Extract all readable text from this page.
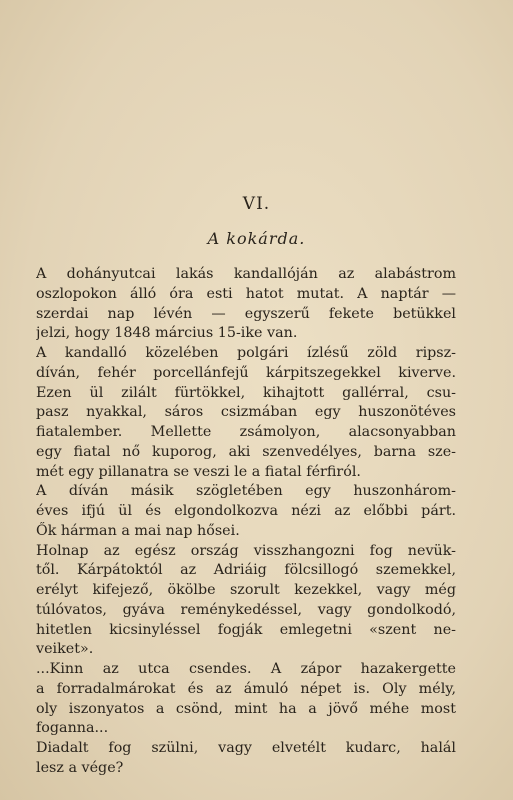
VI.
A kokárda.
A dohányutcai lakás kandallóján az alabástrom
oszlopokon álló óra esti hatot mutat. A naptár —
szerdai nap lévén — egyszerű fekete betükkel
jelzi, hogy 1848 március 15-ike van.
A kandalló közelében polgári ízlésű zöld ripsz-
díván, fehér porcellánfejű kárpitszegekkel kiverve.
Ezen ül zilált fürtökkel, kihajtott gallérral, csu-
pasz nyakkal, sáros csizmában egy huszonötéves
fiatalember. Mellette zsámolyon, alacsonyabban
egy fiatal nő kuporog, aki szenvedélyes, barna sze-
mét egy pillanatra se veszi le a fiatal férfiról.
A díván másik szögletében egy huszonhárom-
éves ifjú ül és elgondolkozva nézi az előbbi párt.
Ők hárman a mai nap hősei.
Holnap az egész ország visszhangozni fog nevük-
től. Kárpátoktól az Adriáig fölcsillogó szemekkel,
erélyt kifejező, ökölbe szorult kezekkel, vagy még
túlóvatos, gyáva reménykedéssel, vagy gondolkodó,
hitetlen kicsinyléssel fogják emlegetni «szent ne-
veiket».
...Kinn az utca csendes. A zápor hazakergette
a forradalmárokat és az ámuló népet is. Oly mély,
oly iszonyatos a csönd, mint ha a jövő méhe most
foganna...
Diadalt fog szülni, vagy elvetélt kudarc, halál
lesz a vége?
